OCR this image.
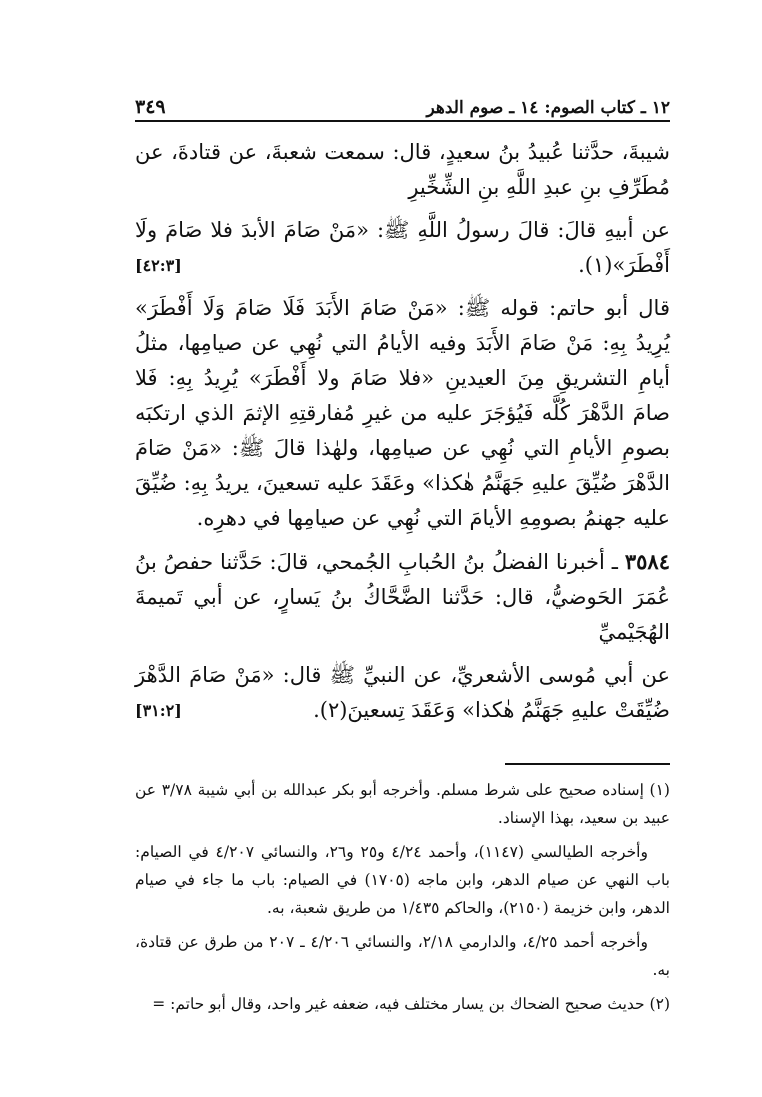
١٢ ـ كتاب الصوم: ١٤ ـ صوم الدهر
٣٤٩

شيبةَ، حدَّثنا عُبيدُ بنُ سعيدٍ، قال: سمعت شعبةَ، عن قتادةَ، عن مُطَرِّفِ بنِ عبدِ اللَّهِ بنِ الشِّخِّيرِ

عن أبيهِ قالَ: قالَ رسولُ اللَّهِ ﷺ: «مَنْ صَامَ الأبدَ فلا صَامَ ولَا أَفْطَرَ»(١).
[٤٢:٣]

قال أبو حاتم: قوله ﷺ: «مَنْ صَامَ الأَبَدَ فَلَا صَامَ وَلَا أَفْطَرَ» يُرِيدُ بِهِ: مَنْ صَامَ الأَبَدَ وفيه الأيامُ التي نُهِي عن صيامِها، مثلُ أيامِ التشريقِ مِنَ العيدينِ «فلا صَامَ ولا أَفْطَرَ» يُرِيدُ بِهِ: فَلا صامَ الدَّهْرَ كُلَّه فَيُؤجَرَ عليه من غيرِ مُفارقتِهِ الإثمَ الذي ارتكبَه بصومِ الأيامِ التي نُهِي عن صيامِها، ولهٰذا قالَ ﷺ: «مَنْ صَامَ الدَّهْرَ ضُيِّقَ عليهِ جَهَنَّمُ هٰكذا» وعَقَدَ عليه تسعينَ، يريدُ بِهِ: ضُيِّقَ عليه جهنمُ بصومِهِ الأيامَ التي نُهِي عن صيامِها في دهرِه.

٣٥٨٤ ـ أخبرنا الفضلُ بنُ الحُبابِ الجُمحي، قالَ: حَدَّثنا حفصُ بنُ عُمَرَ الحَوضيُّ، قال: حَدَّثنا الضَّحَّاكُ بنُ يَسارٍ، عن أبي تَميمةَ الهُجَيْميِّ

عن أبي مُوسى الأشعريِّ، عن النبيِّ ﷺ قال: «مَنْ صَامَ الدَّهْرَ ضُيِّقَتْ عليهِ جَهَنَّمُ هٰكذا» وَعَقَدَ تِسعينَ(٢).
[٣١:٢]

(١) إسناده صحيح على شرط مسلم. وأخرجه أبو بكر عبدالله بن أبي شيبة ٣/٧٨ عن عبيد بن سعيد، بهذا الإسناد.

وأخرجه الطيالسي (١١٤٧)، وأحمد ٤/٢٤ و٢٥ و٢٦، والنسائي ٤/٢٠٧ في الصيام: باب النهي عن صيام الدهر، وابن ماجه (١٧٠٥) في الصيام: باب ما جاء في صيام الدهر، وابن خزيمة (٢١٥٠)، والحاكم ١/٤٣٥ من طريق شعبة، به.

وأخرجه أحمد ٤/٢٥، والدارمي ٢/١٨، والنسائي ٤/٢٠٦ ـ ٢٠٧ من طرق عن قتادة، به.

(٢) حديث صحيح الضحاك بن يسار مختلف فيه، ضعفه غير واحد، وقال أبو حاتم: =
